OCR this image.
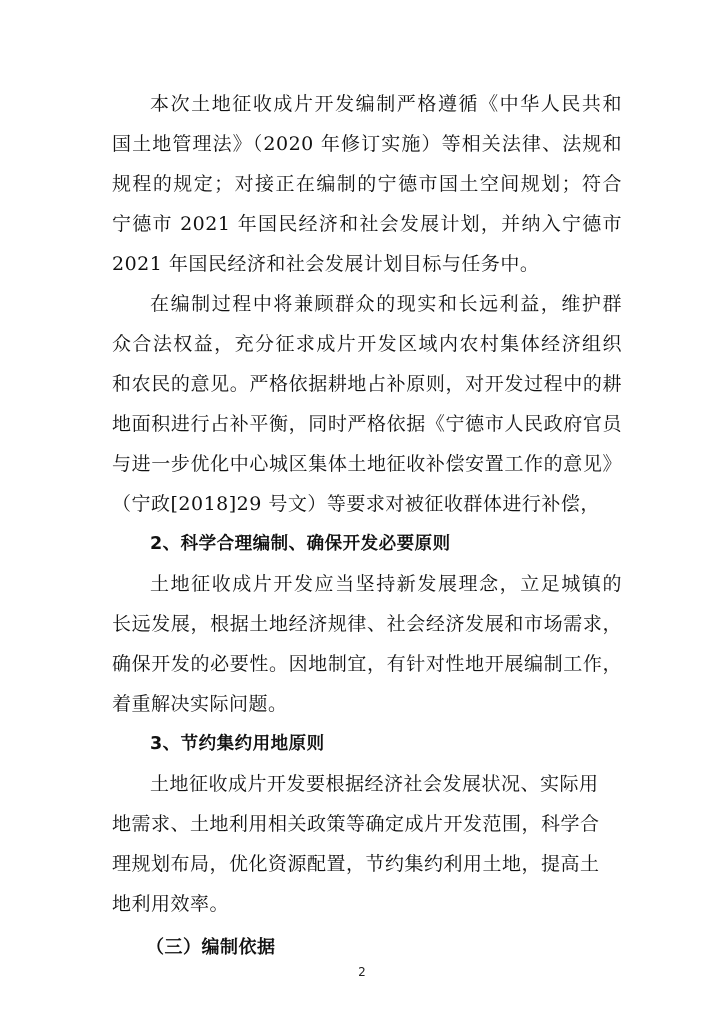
本次土地征收成片开发编制严格遵循《中华人民共和
国土地管理法》（2020 年修订实施）等相关法律、法规和
规程的规定；对接正在编制的宁德市国土空间规划；符合
宁德市 2021 年国民经济和社会发展计划，并纳入宁德市
2021 年国民经济和社会发展计划目标与任务中。
在编制过程中将兼顾群众的现实和长远利益，维护群
众合法权益，充分征求成片开发区域内农村集体经济组织
和农民的意见。严格依据耕地占补原则，对开发过程中的耕
地面积进行占补平衡，同时严格依据《宁德市人民政府官员
与进一步优化中心城区集体土地征收补偿安置工作的意见》
（宁政[2018]29 号文）等要求对被征收群体进行补偿，
2、科学合理编制、确保开发必要原则
土地征收成片开发应当坚持新发展理念，立足城镇的
长远发展，根据土地经济规律、社会经济发展和市场需求，
确保开发的必要性。因地制宜，有针对性地开展编制工作，
着重解决实际问题。
3、节约集约用地原则
土地征收成片开发要根据经济社会发展状况、实际用
地需求、土地利用相关政策等确定成片开发范围，科学合
理规划布局，优化资源配置，节约集约利用土地，提高土
地利用效率。
（三）编制依据
2
